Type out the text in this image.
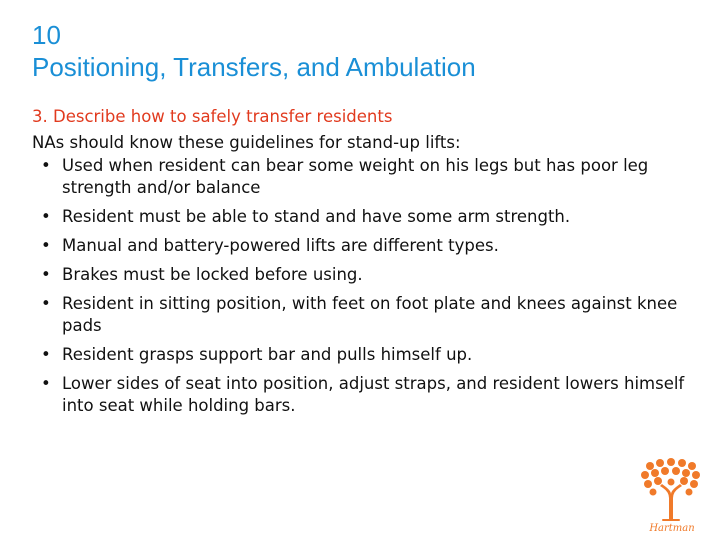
10
Positioning, Transfers, and Ambulation
3. Describe how to safely transfer residents
NAs should know these guidelines for stand-up lifts:
• Used when resident can bear some weight on his legs but has poor leg strength and/or balance
• Resident must be able to stand and have some arm strength.
• Manual and battery-powered lifts are different types.
• Brakes must be locked before using.
• Resident in sitting position, with feet on foot plate and knees against knee pads
• Resident grasps support bar and pulls himself up.
• Lower sides of seat into position, adjust straps, and resident lowers himself into seat while holding bars.
Hartman
